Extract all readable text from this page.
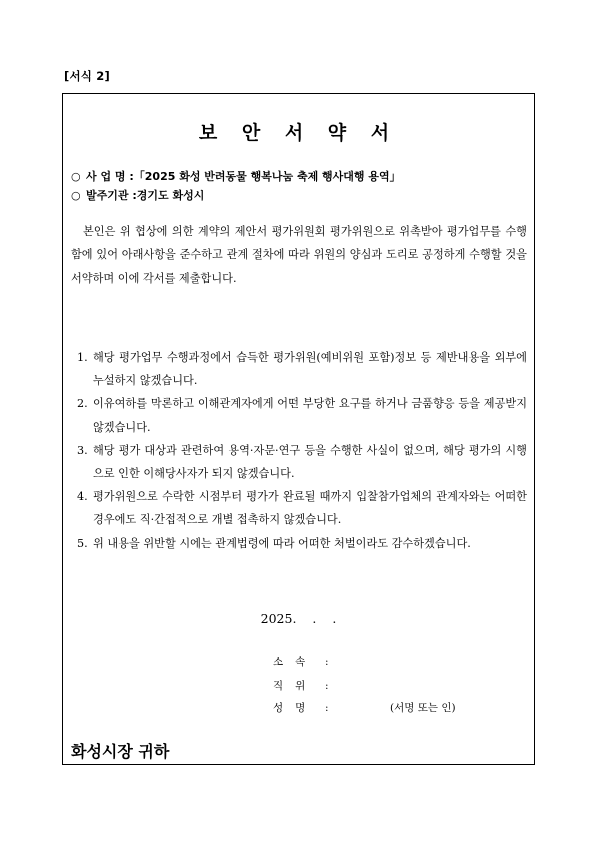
[서식 2]
보 안 서 약 서
○ 사 업 명 :「2025 화성 반려동물 행복나눔 축제 행사대행 용역」
○ 발주기관 :경기도 화성시

본인은 위 협상에 의한 계약의 제안서 평가위원회 평가위원으로 위촉받아 평가업무를 수행함에 있어 아래사항을 준수하고 관계 절차에 따라 위원의 양심과 도리로 공정하게 수행할 것을 서약하며 이에 각서를 제출합니다.

1. 해당 평가업무 수행과정에서 습득한 평가위원(예비위원 포함)정보 등 제반내용을 외부에 누설하지 않겠습니다.
2. 이유여하를 막론하고 이해관계자에게 어떤 부당한 요구를 하거나 금품향응 등을 제공받지 않겠습니다.
3. 해당 평가 대상과 관련하여 용역·자문·연구 등을 수행한 사실이 없으며, 해당 평가의 시행으로 인한 이해당사자가 되지 않겠습니다.
4. 평가위원으로 수락한 시점부터 평가가 완료될 때까지 입찰참가업체의 관계자와는 어떠한 경우에도 직·간접적으로 개별 접촉하지 않겠습니다.
5. 위 내용을 위반할 시에는 관계법령에 따라 어떠한 처벌이라도 감수하겠습니다.
2025. . .
소속 :
직위 :
성명 :	(서명 또는 인)
화성시장 귀하
